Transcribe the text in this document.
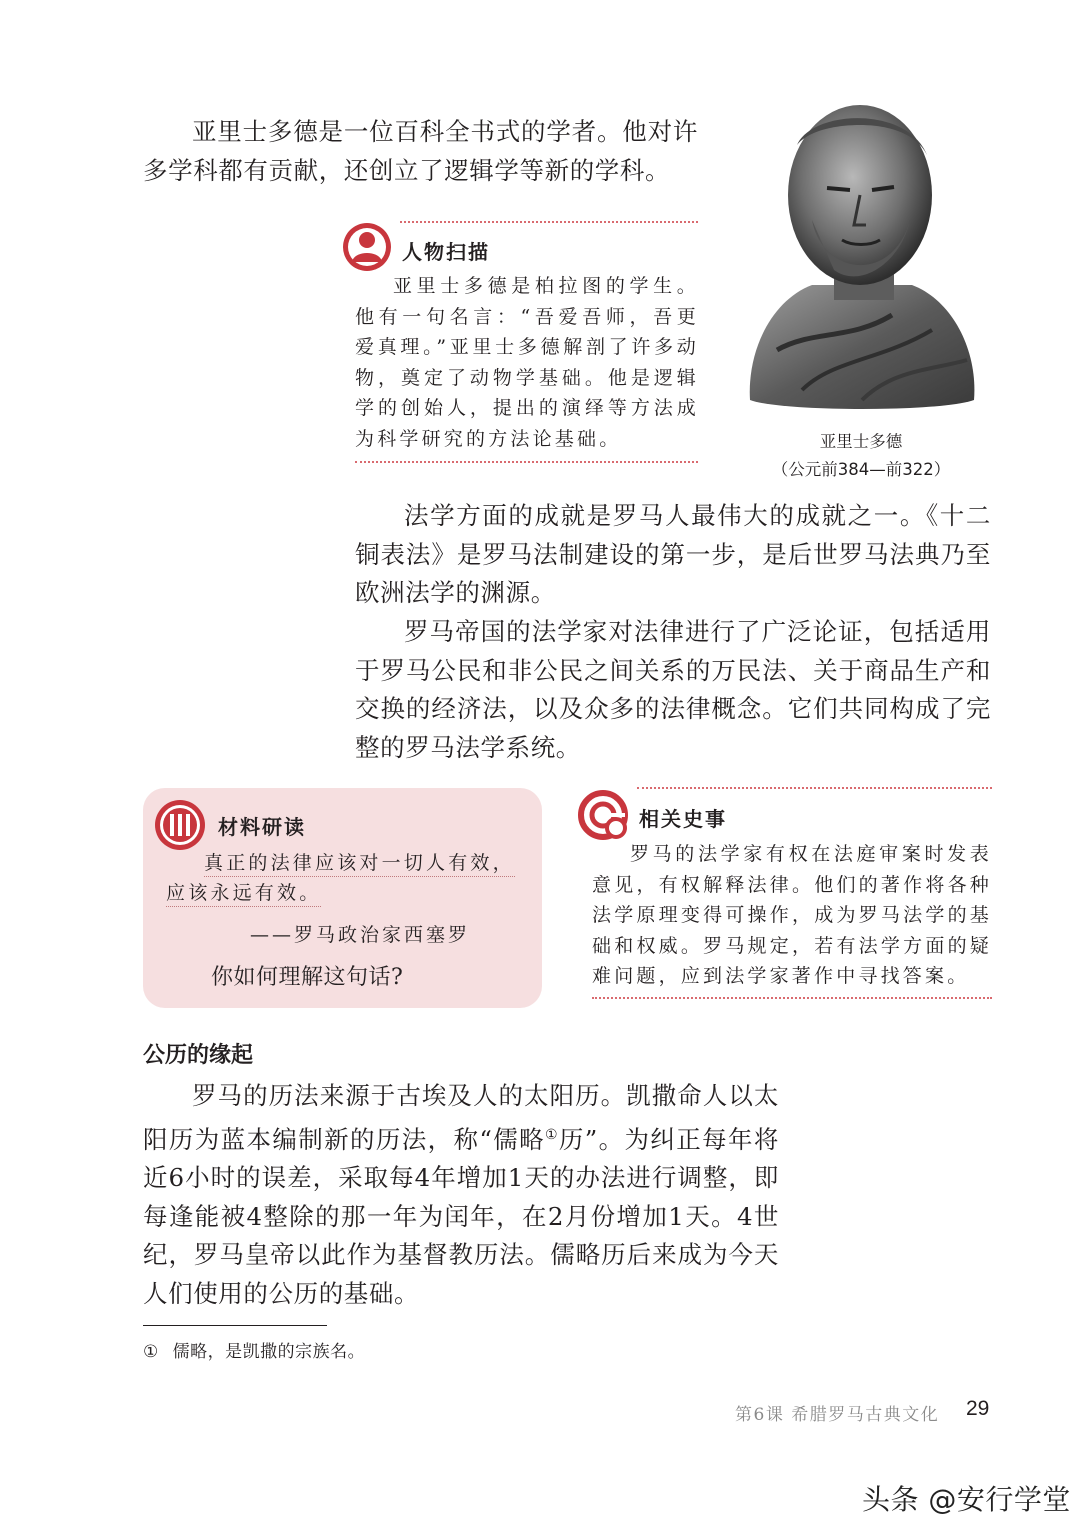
亚里士多德是一位百科全书式的学者。他对许多学科都有贡献，还创立了逻辑学等新的学科。

亚里士多德
（公元前384—前322）
人物扫描

亚里士多德是柏拉图的学生。他有一句名言：“吾爱吾师，吾更爱真理。”亚里士多德解剖了许多动物，奠定了动物学基础。他是逻辑学的创始人，提出的演绎等方法成为科学研究的方法论基础。

法学方面的成就是罗马人最伟大的成就之一。《十二铜表法》是罗马法制建设的第一步，是后世罗马法典乃至欧洲法学的渊源。

罗马帝国的法学家对法律进行了广泛论证，包括适用于罗马公民和非公民之间关系的万民法、关于商品生产和交换的经济法，以及众多的法律概念。它们共同构成了完整的罗马法学系统。

材料研读
真正的法律应该对一切人有效，应该永远有效。
——罗马政治家西塞罗
你如何理解这句话?
相关史事

罗马的法学家有权在法庭审案时发表意见，有权解释法律。他们的著作将各种法学原理变得可操作，成为罗马法学的基础和权威。罗马规定，若有法学方面的疑难问题，应到法学家著作中寻找答案。

公历的缘起

罗马的历法来源于古埃及人的太阳历。凯撒命人以太阳历为蓝本编制新的历法，称“儒略①历”。为纠正每年将近6小时的误差，采取每4年增加1天的办法进行调整，即每逢能被4整除的那一年为闰年，在2月份增加1天。4世纪，罗马皇帝以此作为基督教历法。儒略历后来成为今天人们使用的公历的基础。

① 儒略，是凯撒的宗族名。
第6课 希腊罗马古典文化 29
头条 @安行学堂
